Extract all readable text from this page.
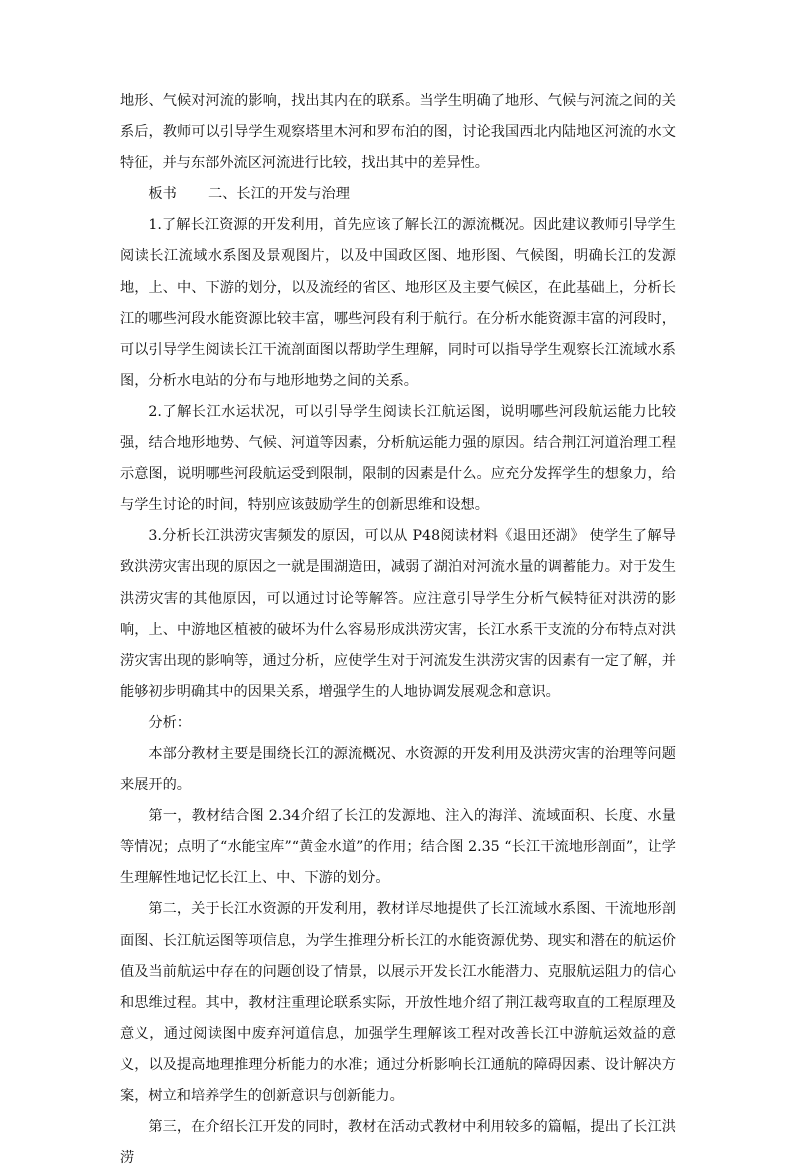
地形、气候对河流的影响，找出其内在的联系。当学生明确了地形、气候与河流之间的关系后，教师可以引导学生观察塔里木河和罗布泊的图，讨论我国西北内陆地区河流的水文特征，并与东部外流区河流进行比较，找出其中的差异性。

板书 二、长江的开发与治理

1.了解长江资源的开发利用，首先应该了解长江的源流概况。因此建议教师引导学生阅读长江流域水系图及景观图片，以及中国政区图、地形图、气候图，明确长江的发源地，上、中、下游的划分，以及流经的省区、地形区及主要气候区，在此基础上，分析长江的哪些河段水能资源比较丰富，哪些河段有利于航行。在分析水能资源丰富的河段时，可以引导学生阅读长江干流剖面图以帮助学生理解，同时可以指导学生观察长江流域水系图，分析水电站的分布与地形地势之间的关系。

2.了解长江水运状况，可以引导学生阅读长江航运图，说明哪些河段航运能力比较强，结合地形地势、气候、河道等因素，分析航运能力强的原因。结合荆江河道治理工程示意图，说明哪些河段航运受到限制，限制的因素是什么。应充分发挥学生的想象力，给与学生讨论的时间，特别应该鼓励学生的创新思维和设想。

3.分析长江洪涝灾害频发的原因，可以从 P48阅读材料《退田还湖》 使学生了解导致洪涝灾害出现的原因之一就是围湖造田，减弱了湖泊对河流水量的调蓄能力。对于发生洪涝灾害的其他原因，可以通过讨论等解答。应注意引导学生分析气候特征对洪涝的影响，上、中游地区植被的破坏为什么容易形成洪涝灾害，长江水系干支流的分布特点对洪涝灾害出现的影响等，通过分析，应使学生对于河流发生洪涝灾害的因素有一定了解，并能够初步明确其中的因果关系，增强学生的人地协调发展观念和意识。

分析：

本部分教材主要是围绕长江的源流概况、水资源的开发利用及洪涝灾害的治理等问题来展开的。

第一，教材结合图 2.34介绍了长江的发源地、注入的海洋、流域面积、长度、水量等情况；点明了“水能宝库”“黄金水道”的作用；结合图 2.35 “长江干流地形剖面”，让学生理解性地记忆长江上、中、下游的划分。

第二，关于长江水资源的开发利用，教材详尽地提供了长江流域水系图、干流地形剖面图、长江航运图等项信息，为学生推理分析长江的水能资源优势、现实和潜在的航运价值及当前航运中存在的问题创设了情景，以展示开发长江水能潜力、克服航运阻力的信心和思维过程。其中，教材注重理论联系实际，开放性地介绍了荆江裁弯取直的工程原理及意义，通过阅读图中废弃河道信息，加强学生理解该工程对改善长江中游航运效益的意义，以及提高地理推理分析能力的水准；通过分析影响长江通航的障碍因素、设计解决方案，树立和培养学生的创新意识与创新能力。

第三，在介绍长江开发的同时，教材在活动式教材中利用较多的篇幅，提出了长江洪涝
